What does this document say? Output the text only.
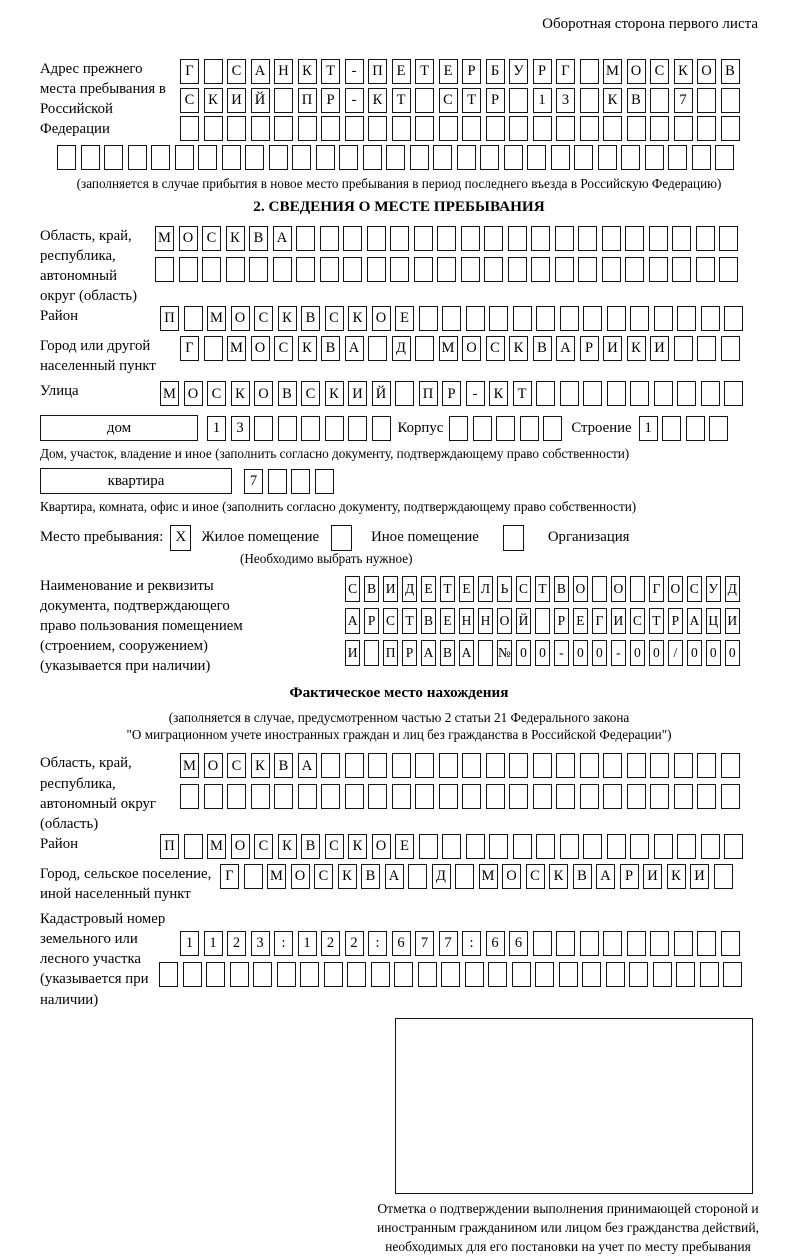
Оборотная сторона первого листа
Адрес прежнего места пребывания в Российской Федерации
Г	С А Н К Т	-	П Е	Т	Е	Р	Б У Р	Г	М О С К О В
С К И Й	П Р	-	К Т	С Т	Р	1	3	К В	7
(заполняется в случае прибытия в новое место пребывания в период последнего въезда в Российскую Федерацию)
2. СВЕДЕНИЯ О МЕСТЕ ПРЕБЫВАНИЯ
Область, край, республика, автономный округ (область)
М О С К В А
Район	П М О С К В С К О Е
Город или другой населенный пункт
Г	М О С К В А	Д	М О С К В А Р И К И
Улица	М О С К О В С К И Й	П Р	-	К Т
дом	1	3	Корпус	Строение 1
Дом, участок, владение и иное (заполнить согласно документу, подтверждающему право собственности)
квартира	7
Квартира, комната, офис и иное (заполнить согласно документу, подтверждающему право собственности)
Место пребывания: X	Жилое помещение	Иное помещение	Организация
(Необходимо выбрать нужное)
Наименование и реквизиты документа, подтверждающего право пользования помещением (строением, сооружением) (указывается при наличии)
С В И Д Е Т Е Л Ь С Т В О О Г О С У Д
А Р С Т В Е Н Н О Й Р Е Г И С Т Р А Ц И
И П Р А В А № 0 0 - 0 0 - 0 0	/	0 0 0
Фактическое место нахождения
(заполняется в случае, предусмотренном частью 2 статьи 21 Федерального закона
"О миграционном учете иностранных граждан и лиц без гражданства в Российской Федерации")
Область, край, республика, автономный округ (область)
М О С К В А
Район	П М О С К В С К О Е
Город, сельское поселение, иной населенный пункт
Г	М О С К В А	Д	М О С К В А Р И К И
Кадастровый номер земельного или лесного участка (указывается при наличии)
1	1	2	3	:	1	2	2	:	6	7	7	:	6	6
Отметка о подтверждении выполнения принимающей стороной и иностранным гражданином или лицом без гражданства действий, необходимых для его постановки на учет по месту пребывания
